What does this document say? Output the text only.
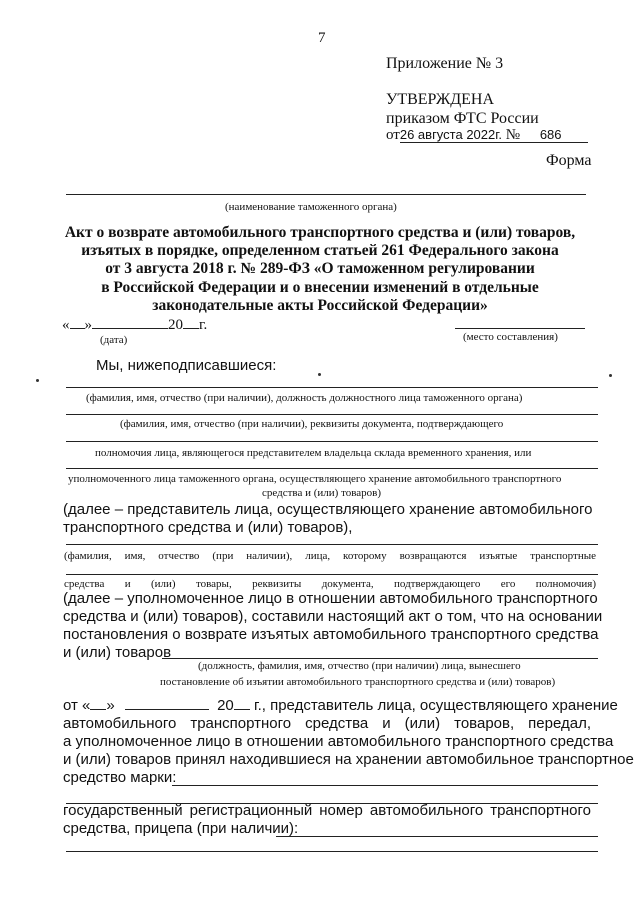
7
Приложение № 3
УТВЕРЖДЕНА
приказом ФТС России
от26 августа 2022г. № 686
Форма
(наименование таможенного органа)
Акт о возврате автомобильного транспортного средства и (или) товаров,
изъятых в порядке, определенном статьей 261 Федерального закона
от 3 августа 2018 г. № 289-ФЗ «О таможенном регулировании
в Российской Федерации и о внесении изменений в отдельные
законодательные акты Российской Федерации»
« »	20 г.
(дата)	(место составления)
Мы, нижеподписавшиеся:
(фамилия, имя, отчество (при наличии), должность должностного лица таможенного органа)
(фамилия, имя, отчество (при наличии), реквизиты документа, подтверждающего
полномочия лица, являющегося представителем владельца склада временного хранения, или
уполномоченного лица таможенного органа, осуществляющего хранение автомобильного транспортного
средства и (или) товаров)
(далее – представитель лица, осуществляющего хранение автомобильного
транспортного средства и (или) товаров),
(фамилия, имя, отчество (при наличии), лица, которому возвращаются изъятые транспортные
средства и (или) товары, реквизиты документа, подтверждающего его полномочия)
(далее – уполномоченное лицо в отношении автомобильного транспортного
средства и (или) товаров), составили настоящий акт о том, что на основании
постановления о возврате изъятых автомобильного транспортного средства
и (или) товаров
(должность, фамилия, имя, отчество (при наличии) лица, вынесшего
постановление об изъятии автомобильного транспортного средства и (или) товаров)
от « »	20 г., представитель лица, осуществляющего хранение
автомобильного транспортного средства и (или) товаров, передал,
а уполномоченное лицо в отношении автомобильного транспортного средства
и (или) товаров принял находившиеся на хранении автомобильное транспортное
средство марки:
государственный регистрационный номер автомобильного транспортного
средства, прицепа (при наличии):
